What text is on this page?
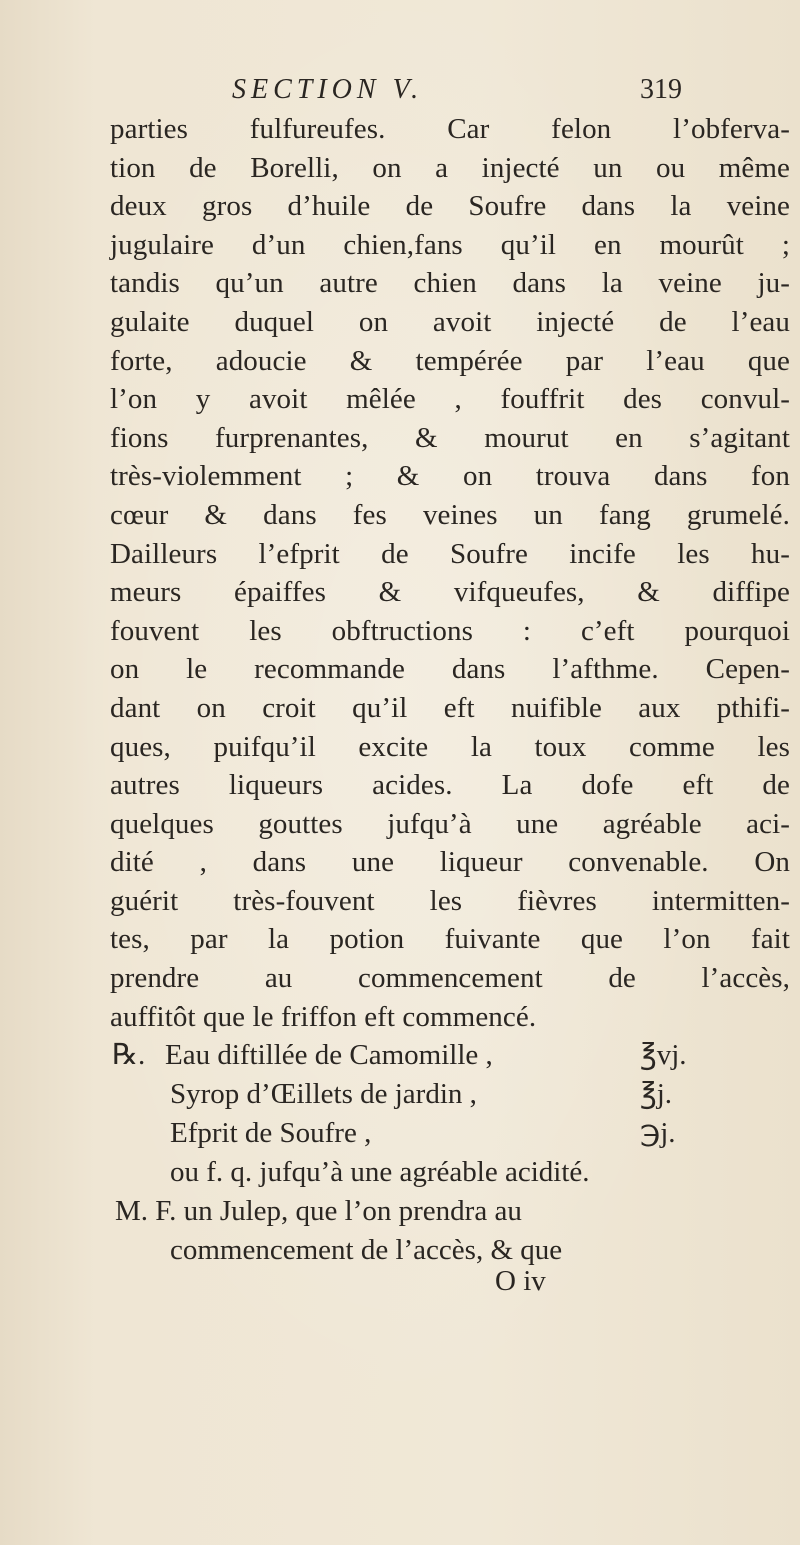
SECTION V.	319
parties fulfureufes. Car felon l’obferva-
tion de Borelli, on a injecté un ou même
deux gros d’huile de Soufre dans la veine
jugulaire d’un chien,fans qu’il en mourût ;
tandis qu’un autre chien dans la veine ju-
gulaite duquel on avoit injecté de l’eau
forte, adoucie & tempérée par l’eau que
l’on y avoit mêlée , fouffrit des convul-
fions furprenantes, & mourut en s’agitant
très-violemment ; & on trouva dans fon
cœur & dans fes veines un fang grumelé.
Dailleurs l’efprit de Soufre incife les hu-
meurs épaiffes & vifqueufes, & diffipe
fouvent les obftructions : c’eft pourquoi
on le recommande dans l’afthme. Cepen-
dant on croit qu’il eft nuifible aux pthifi-
ques, puifqu’il excite la toux comme les
autres liqueurs acides. La dofe eft de
quelques gouttes jufqu’à une agréable aci-
dité , dans une liqueur convenable. On
guérit très-fouvent les fièvres intermitten-
tes, par la potion fuivante que l’on fait
prendre au commencement de l’accès,
auffitôt que le friffon eft commencé.
℞. Eau diftillée de Camomille ,	℥vj.
Syrop d’Œillets de jardin ,	℥j.
Efprit de Soufre ,	℈j.
ou f. q. jufqu’à une agréable acidité.
M. F. un Julep, que l’on prendra au
commencement de l’accès, & que
O iv
